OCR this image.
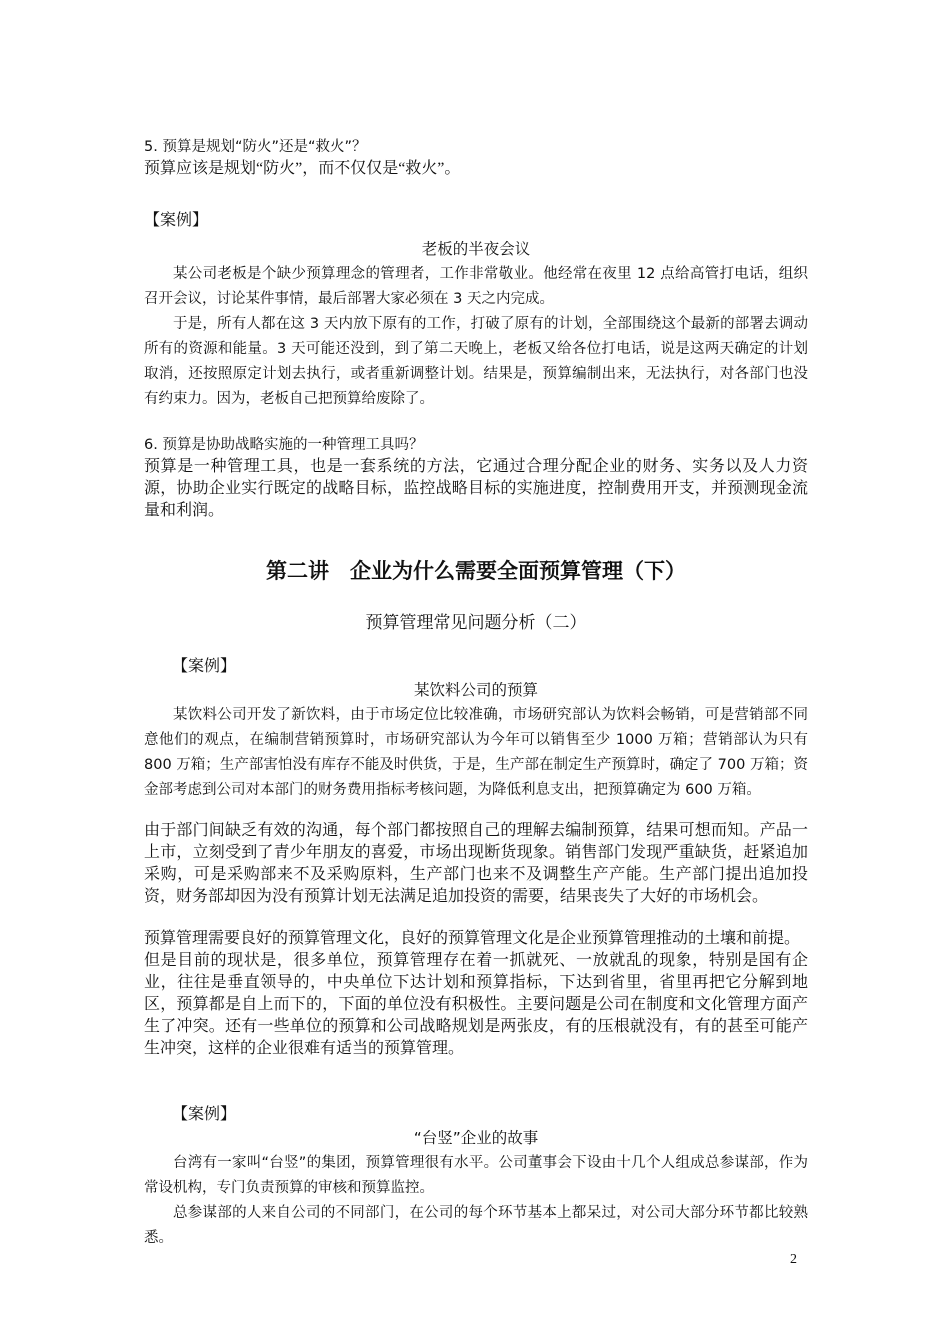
5. 预算是规划“防火”还是“救火”？

预算应该是规划“防火”，而不仅仅是“救火”。

【案例】

老板的半夜会议

某公司老板是个缺少预算理念的管理者，工作非常敬业。他经常在夜里 12 点给高管打电话，组织召开会议，讨论某件事情，最后部署大家必须在 3 天之内完成。

于是，所有人都在这 3 天内放下原有的工作，打破了原有的计划，全部围绕这个最新的部署去调动所有的资源和能量。3 天可能还没到，到了第二天晚上，老板又给各位打电话，说是这两天确定的计划取消，还按照原定计划去执行，或者重新调整计划。结果是，预算编制出来，无法执行，对各部门也没有约束力。因为，老板自己把预算给废除了。

6. 预算是协助战略实施的一种管理工具吗？

预算是一种管理工具，也是一套系统的方法，它通过合理分配企业的财务、实务以及人力资源，协助企业实行既定的战略目标，监控战略目标的实施进度，控制费用开支，并预测现金流量和利润。

第二讲　企业为什么需要全面预算管理（下）
预算管理常见问题分析（二）
【案例】

某饮料公司的预算

某饮料公司开发了新饮料，由于市场定位比较准确，市场研究部认为饮料会畅销，可是营销部不同意他们的观点，在编制营销预算时，市场研究部认为今年可以销售至少 1000 万箱；营销部认为只有 800 万箱；生产部害怕没有库存不能及时供货，于是，生产部在制定生产预算时，确定了 700 万箱；资金部考虑到公司对本部门的财务费用指标考核问题，为降低利息支出，把预算确定为 600 万箱。

由于部门间缺乏有效的沟通，每个部门都按照自己的理解去编制预算，结果可想而知。产品一上市，立刻受到了青少年朋友的喜爱，市场出现断货现象。销售部门发现严重缺货，赶紧追加采购，可是采购部来不及采购原料，生产部门也来不及调整生产产能。生产部门提出追加投资，财务部却因为没有预算计划无法满足追加投资的需要，结果丧失了大好的市场机会。

预算管理需要良好的预算管理文化，良好的预算管理文化是企业预算管理推动的土壤和前提。

但是目前的现状是，很多单位，预算管理存在着一抓就死、一放就乱的现象，特别是国有企业，往往是垂直领导的，中央单位下达计划和预算指标，下达到省里，省里再把它分解到地区，预算都是自上而下的，下面的单位没有积极性。主要问题是公司在制度和文化管理方面产生了冲突。还有一些单位的预算和公司战略规划是两张皮，有的压根就没有，有的甚至可能产生冲突，这样的企业很难有适当的预算管理。

【案例】

“台竖”企业的故事

台湾有一家叫“台竖”的集团，预算管理很有水平。公司董事会下设由十几个人组成总参谋部，作为常设机构，专门负责预算的审核和预算监控。

总参谋部的人来自公司的不同部门，在公司的每个环节基本上都呆过，对公司大部分环节都比较熟悉。

2
